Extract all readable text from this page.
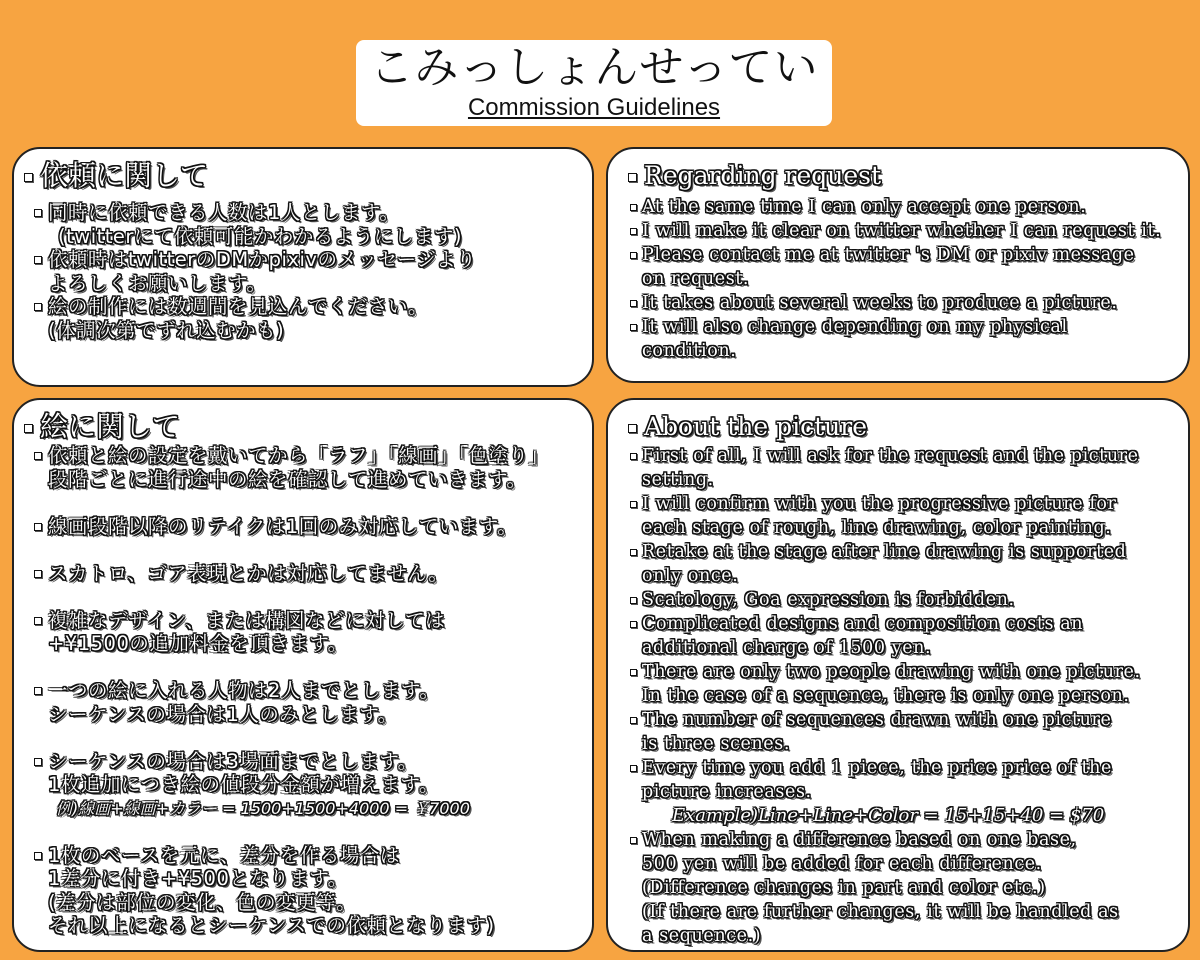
こみっしょんせってい
Commission Guidelines
依頼に関して
同時に依頼できる人数は1人とします。
(twitterにて依頼可能かわかるようにします)
依頼時はtwitterのDMかpixivのメッセージより
よろしくお願いします。
絵の制作には数週間を見込んでください。
(体調次第でずれ込むかも)
Regarding request
At the same time I can only accept one person.
I will make it clear on twitter whether I can request it.
Please contact me at twitter 's DM or pixiv message
on request.
It takes about several weeks to produce a picture.
It will also change depending on my physical
condition.
絵に関して
依頼と絵の設定を戴いてから「ラフ」「線画」「色塗り」
段階ごとに進行途中の絵を確認して進めていきます。
線画段階以降のリテイクは1回のみ対応しています。
スカトロ、ゴア表現とかは対応してません。
複雑なデザイン、または構図などに対しては
+¥1500の追加料金を頂きます。
一つの絵に入れる人物は2人までとします。
シーケンスの場合は1人のみとします。
シーケンスの場合は3場面までとします。
1枚追加につき絵の値段分金額が増えます。
例)線画+線画+カラー = 1500+1500+4000 = ￥7000
1枚のベースを元に、差分を作る場合は
1差分に付き+¥500となります。
(差分は部位の変化、色の変更等。
それ以上になるとシーケンスでの依頼となります)
About the picture
First of all, I will ask for the request and the picture
setting.
I will confirm with you the progressive picture for
each stage of rough, line drawing, color painting.
Retake at the stage after line drawing is supported
only once.
Scatology, Goa expression is forbidden.
Complicated designs and composition costs an
additional charge of 1500 yen.
There are only two people drawing with one picture.
In the case of a sequence, there is only one person.
The number of sequences drawn with one picture
is three scenes.
Every time you add 1 piece, the price price of the
picture increases.
Example)Line+Line+Color = 15+15+40 = $70
When making a difference based on one base,
500 yen will be added for each difference.
(Difference changes in part and color etc.)
(If there are further changes, it will be handled as
a sequence.)
